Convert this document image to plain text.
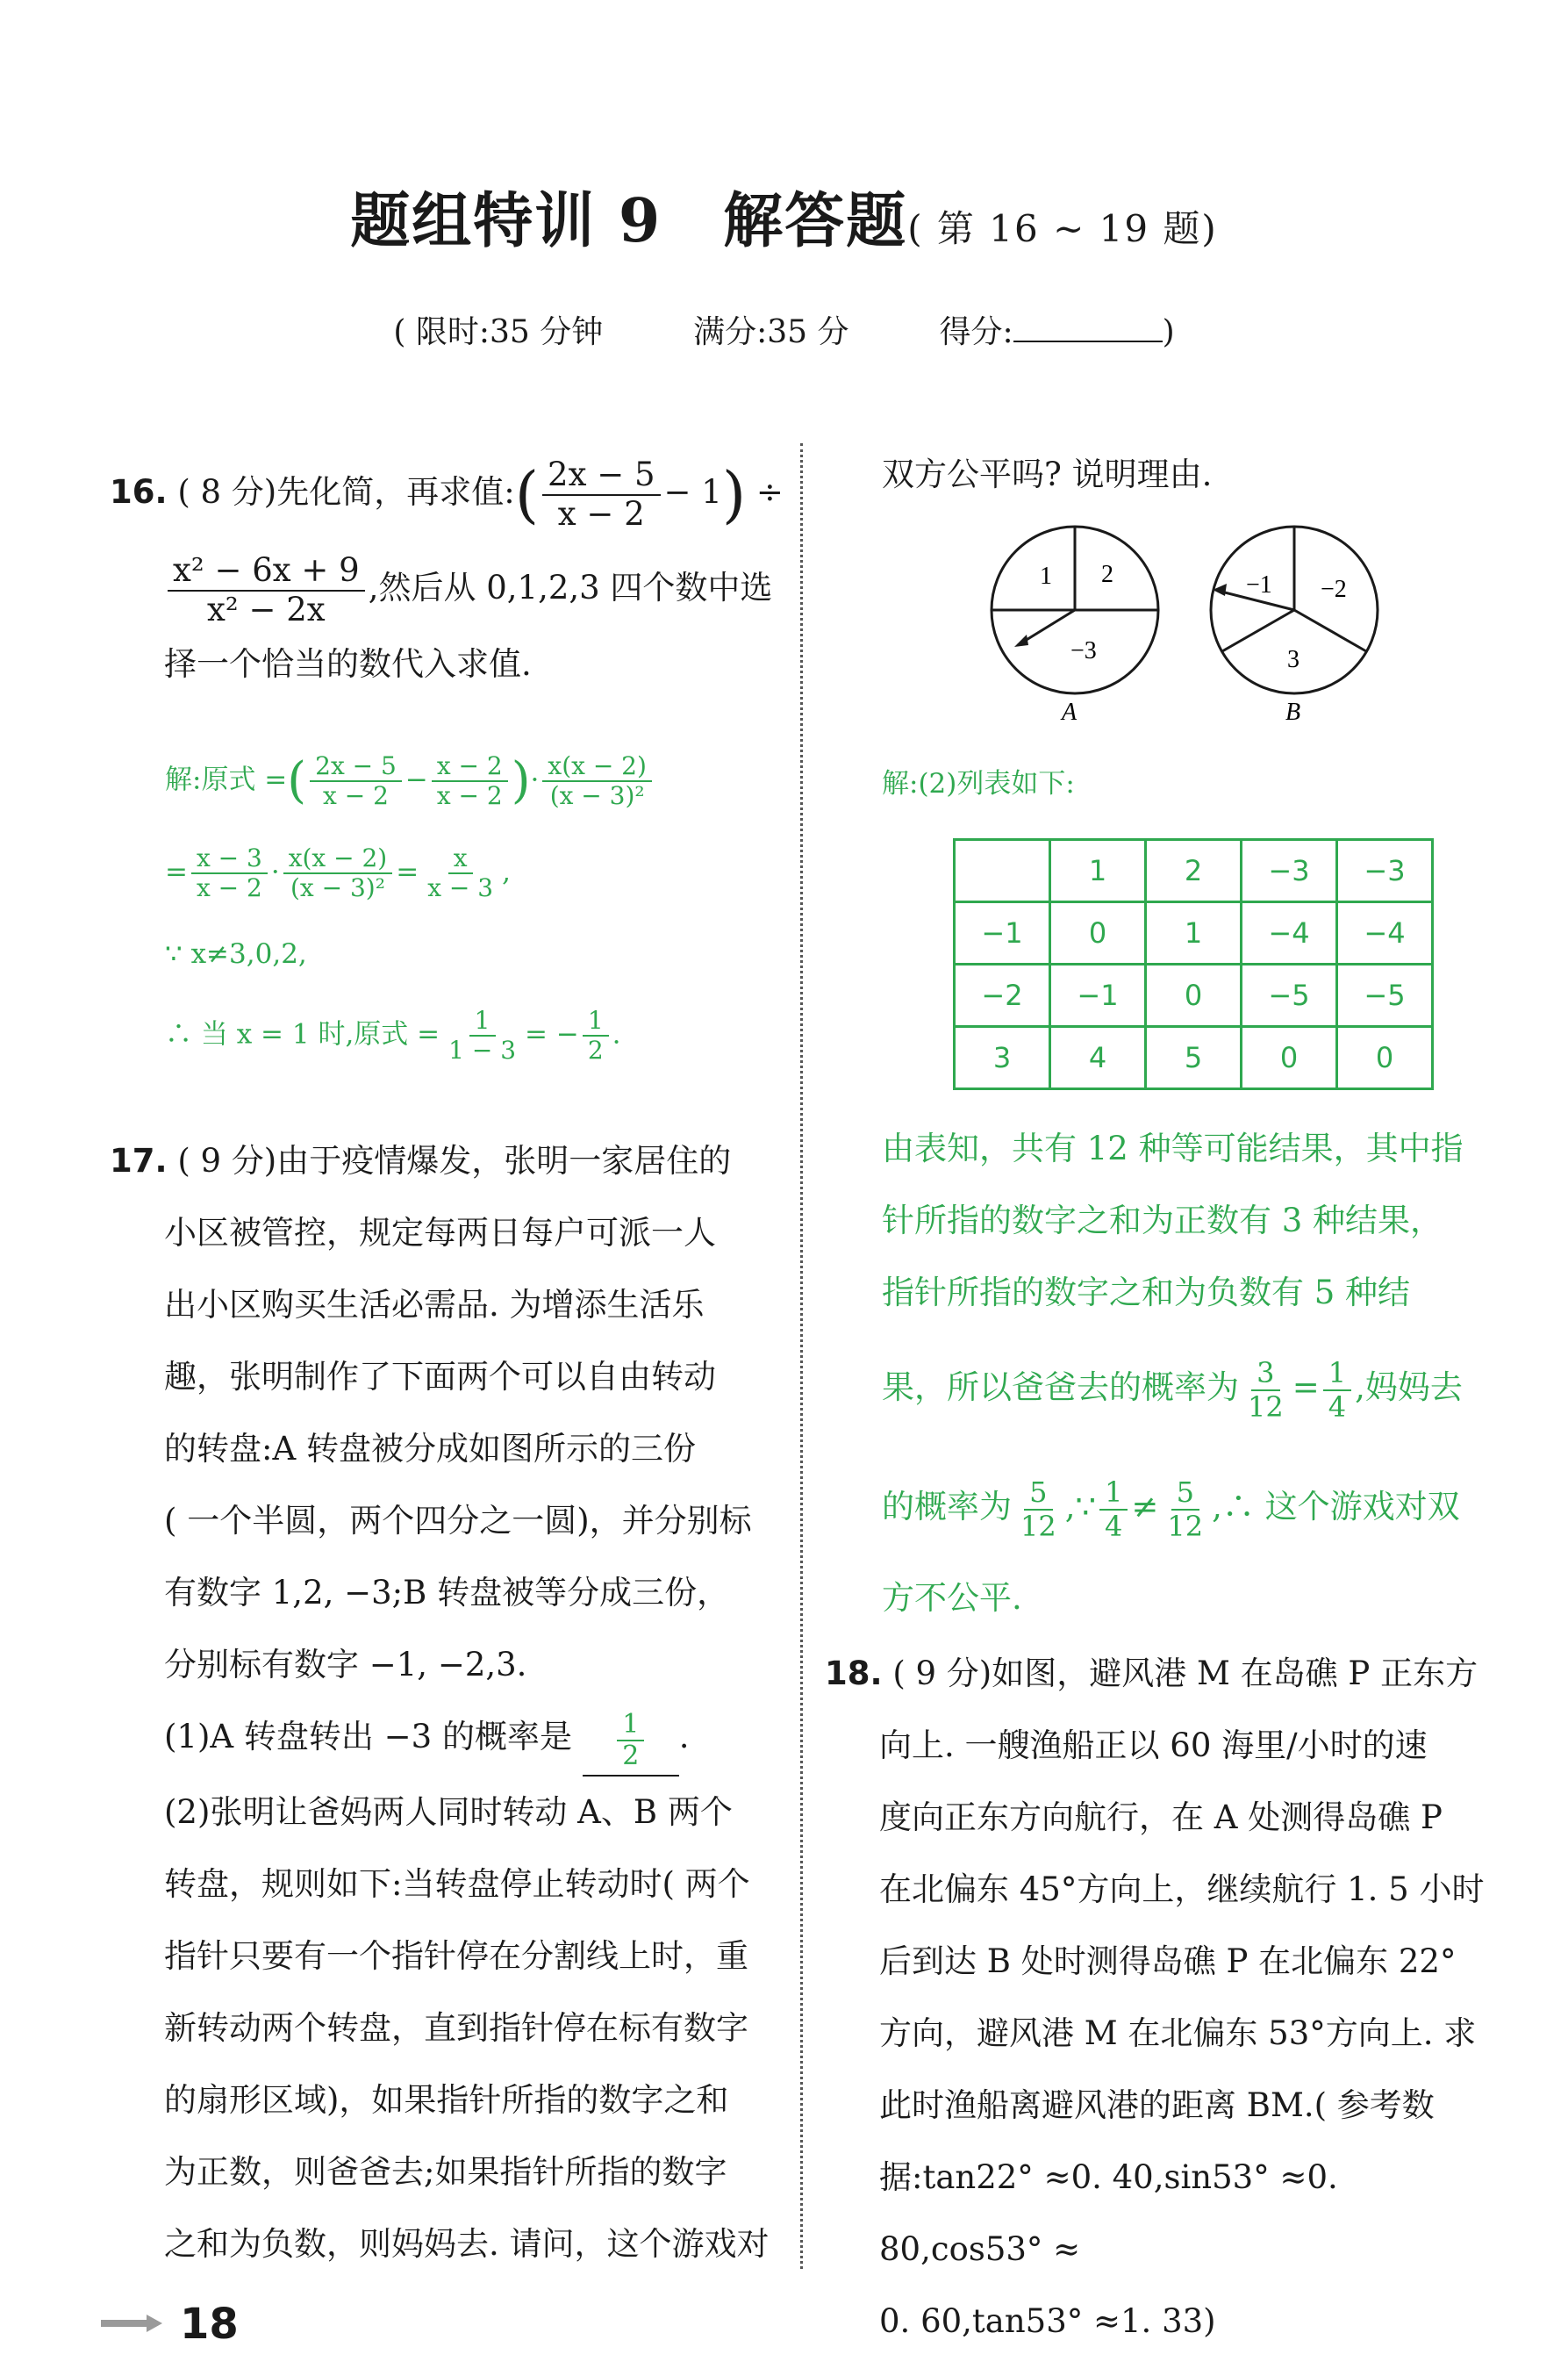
题组特训 9　解答题( 第 16 ~ 19 题)
( 限时:35 分钟	满分:35 分	得分:	)
16. ( 8 分)先化简，再求值:( $\frac{2x - 5}{x - 2} - 1$) ÷
$\frac{\text{x² − 6x + 9}}{\text{x² − 2x}}$ ,然后从 0,1,2,3 四个数中选
择一个恰当的数代入求值.
解:原式 =( $\frac{2x - 5}{x - 2} - \frac{x - 2}{x - 2}$ )· $\frac{x(x - 2)}{\text{(x − 3)²}}$
= $\frac{x - 3}{x - 2} \cdot \frac{x(x - 2)}{\text{(x − 3)²}} = \frac{x}{x - 3}$ ,
∵ x≠3,0,2,
∴ 当 x = 1 时,原式 = $\frac{1}{1 - 3}$ = − $\frac{1}{2}$ .
17. ( 9 分)由于疫情爆发，张明一家居住的
小区被管控，规定每两日每户可派一人
出小区购买生活必需品. 为增添生活乐
趣，张明制作了下面两个可以自由转动
的转盘:A 转盘被分成如图所示的三份
( 一个半圆，两个四分之一圆)，并分别标
有数字 1,2, −3;B 转盘被等分成三份，
分别标有数字 −1, −2,3.
(1)A 转盘转出 −3 的概率是 $\frac{1}{2}$ .
(2)张明让爸妈两人同时转动 A、B 两个
转盘，规则如下:当转盘停止转动时( 两个
指针只要有一个指针停在分割线上时，重
新转动两个转盘，直到指针停在标有数字
的扇形区域)，如果指针所指的数字之和
为正数，则爸爸去;如果指针所指的数字
之和为负数，则妈妈去. 请问，这个游戏对
双方公平吗? 说明理由.
1 2
−3
A
−1 −2
3
B
解:(2)列表如下:
	1	2	−3	−3
−1	0	1	−4	−4
−2	−1	0	−5	−5
3	4	5	0	0
由表知，共有 12 种等可能结果，其中指
针所指的数字之和为正数有 3 种结果，
指针所指的数字之和为负数有 5 种结
果，所以爸爸去的概率为 $\frac{3}{12} = \frac{1}{4}$ ,妈妈去
的概率为 $\frac{5}{12}$ ,∵ $\frac{1}{4} \ne \frac{5}{12}$ ,∴ 这个游戏对双
方不公平.
18. ( 9 分)如图，避风港 M 在岛礁 P 正东方
向上. 一艘渔船正以 60 海里/小时的速
度向正东方向航行，在 A 处测得岛礁 P
在北偏东 45°方向上，继续航行 1. 5 小时
后到达 B 处时测得岛礁 P 在北偏东 22°
方向，避风港 M 在北偏东 53°方向上. 求
此时渔船离避风港的距离 BM.( 参考数
据:tan22° ≈0. 40,sin53° ≈0. 80,cos53° ≈
0. 60,tan53° ≈1. 33)
18
